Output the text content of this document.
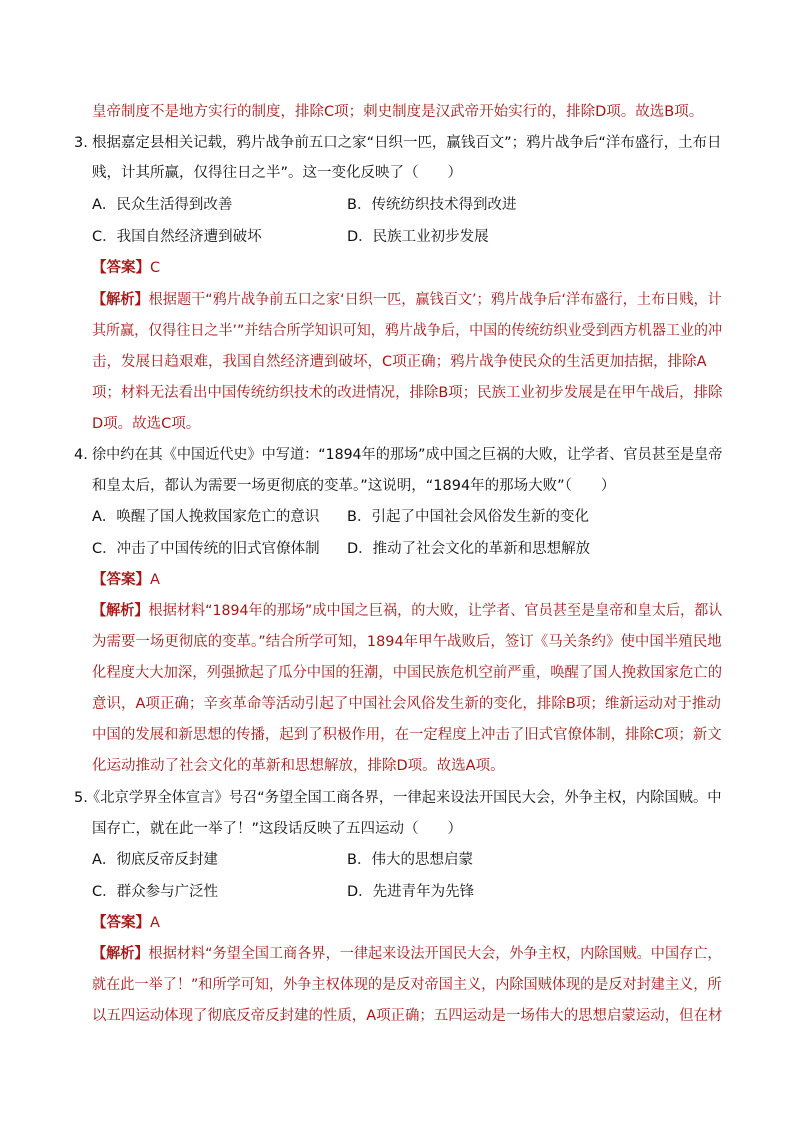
皇帝制度不是地方实行的制度，排除C项；刺史制度是汉武帝开始实行的，排除D项。故选B项。
3. 根据嘉定县相关记载，鸦片战争前五口之家“日织一匹，赢钱百文”；鸦片战争后“洋布盛行，土布日
贱，计其所赢，仅得往日之半”。这一变化反映了（　　）
A．民众生活得到改善	B．传统纺织技术得到改进
C．我国自然经济遭到破坏	D．民族工业初步发展
【答案】C
【解析】根据题干“鸦片战争前五口之家‘日织一匹，赢钱百文’；鸦片战争后‘洋布盛行，土布日贱，计
其所赢，仅得往日之半’”并结合所学知识可知，鸦片战争后，中国的传统纺织业受到西方机器工业的冲
击，发展日趋艰难，我国自然经济遭到破坏，C项正确；鸦片战争使民众的生活更加拮据，排除A
项；材料无法看出中国传统纺织技术的改进情况，排除B项；民族工业初步发展是在甲午战后，排除
D项。故选C项。
4. 徐中约在其《中国近代史》中写道：“1894年的那场”成中国之巨祸的大败，让学者、官员甚至是皇帝
和皇太后，都认为需要一场更彻底的变革。”这说明，“1894年的那场大败”（　　）
A．唤醒了国人挽救国家危亡的意识 B．引起了中国社会风俗发生新的变化
C．冲击了中国传统的旧式官僚体制 D．推动了社会文化的革新和思想解放
【答案】A
【解析】根据材料“1894年的那场”成中国之巨祸，的大败，让学者、官员甚至是皇帝和皇太后，都认
为需要一场更彻底的变革。”结合所学可知，1894年甲午战败后，签订《马关条约》使中国半殖民地
化程度大大加深，列强掀起了瓜分中国的狂潮，中国民族危机空前严重，唤醒了国人挽救国家危亡的
意识，A项正确；辛亥革命等活动引起了中国社会风俗发生新的变化，排除B项；维新运动对于推动
中国的发展和新思想的传播，起到了积极作用，在一定程度上冲击了旧式官僚体制，排除C项；新文
化运动推动了社会文化的革新和思想解放，排除D项。故选A项。
5.
《北京学界全体宣言》号召“务望全国工商各界，一律起来设法开国民大会，外争主权，内除国贼。中
国存亡，就在此一举了！”这段话反映了五四运动（　　）
A．彻底反帝反封建	B．伟大的思想启蒙
C．群众参与广泛性	D．先进青年为先锋
【答案】A
【解析】根据材料“务望全国工商各界，一律起来设法开国民大会，外争主权，内除国贼。中国存亡，
就在此一举了！”和所学可知，外争主权体现的是反对帝国主义，内除国贼体现的是反对封建主义，所
以五四运动体现了彻底反帝反封建的性质，A项正确；五四运动是一场伟大的思想启蒙运动，但在材
